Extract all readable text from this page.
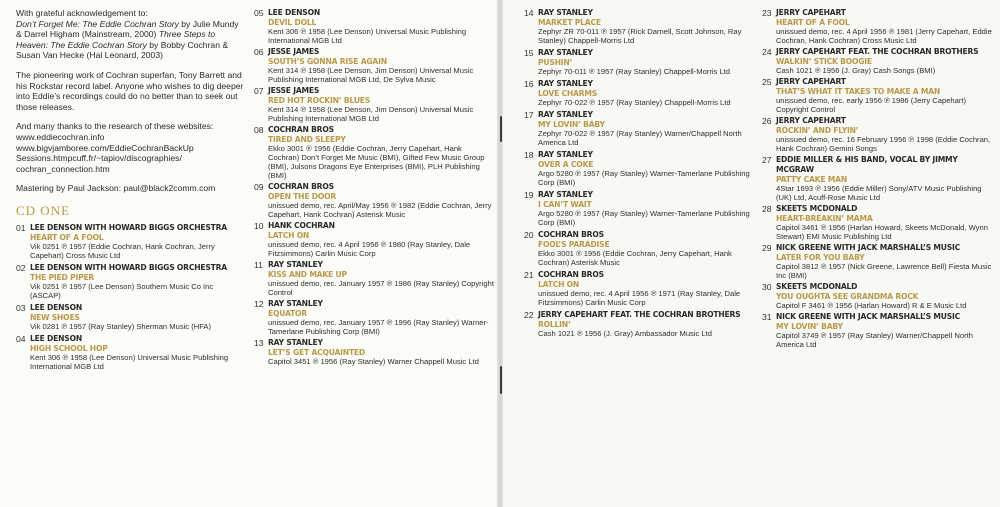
With grateful acknowledgement to:
Don’t Forget Me: The Eddie Cochran Story by Julie Mundy & Darrel Higham (Mainstream, 2000) Three Steps to Heaven: The Eddie Cochran Story by Bobby Cochran & Susan Van Hecke (Hal Leonard, 2003)

The pioneering work of Cochran superfan, Tony Barrett and his Rockstar record label. Anyone who wishes to dig deeper into Eddie’s recordings could do no better than to seek out those releases.

And many thanks to the research of these websites:

www.eddiecochran.info

www.bigvjamboree.com/EddieCochranBackUp

Sessions.htmpcuff.fr/~tapiov/discographies/

cochran_connection.htm

Mastering by Paul Jackson: paul@black2comm.com

CD ONE
01 LEE DENSON WITH HOWARD BIGGS ORCHESTRA
HEART OF A FOOL
Vik 0251 ℗ 1957 (Eddie Cochran, Hank Cochran, Jerry Capehart) Cross Music Ltd
02 LEE DENSON WITH HOWARD BIGGS ORCHESTRA
THE PIED PIPER
Vik 0251 ℗ 1957 (Lee Denson) Southern Music Co Inc (ASCAP)
03 LEE DENSON
NEW SHOES
Vik 0281 ℗ 1957 (Ray Stanley) Sherman Music (HFA)
04 LEE DENSON
HIGH SCHOOL HOP
Kent 306 ℗ 1958 (Lee Denson) Universal Music Publishing International MGB Ltd
05 LEE DENSON
DEVIL DOLL
Kent 306 ℗ 1958 (Lee Denson) Universal Music Publishing International MGB Ltd
06 JESSE JAMES
SOUTH’S GONNA RISE AGAIN
Kent 314 ℗ 1958 (Lee Denson, Jim Denson) Universal Music Publishing International MGB Ltd, De Sylva Music
07 JESSE JAMES
RED HOT ROCKIN’ BLUES
Kent 314 ℗ 1958 (Lee Denson, Jim Denson) Universal Music Publishing International MGB Ltd
08 COCHRAN BROS
TIRED AND SLEEPY
Ekko 3001 ℗ 1956 (Eddie Cochran, Jerry Capehart, Hank Cochran) Don’t Forget Me Music (BMI), Gifted Few Music Group (BMI), Julsons Dragons Eye Enterprises (BMI), PLH Publishing (BMI)
09 COCHRAN BROS
OPEN THE DOOR
unissued demo, rec. April/May 1956 ℗ 1982 (Eddie Cochran, Jerry Capehart, Hank Cochran) Asterisk Music
10 HANK COCHRAN
LATCH ON
unissued demo, rec. 4 April 1956 ℗ 1980 (Ray Stanley, Dale Fitzsimmons) Carlin Music Corp
11 RAY STANLEY
KISS AND MAKE UP
unissued demo, rec. January 1957 ℗ 1986 (Ray Stanley) Copyright Control
12 RAY STANLEY
EQUATOR
unissued demo, rec. January 1957 ℗ 1996 (Ray Stanley) Warner-Tamerlane Publishing Corp (BMI)
13 RAY STANLEY
LET’S GET ACQUAINTED
Capitol 3451 ℗ 1956 (Ray Stanley) Warner Chappell Music Ltd
14 RAY STANLEY
MARKET PLACE
Zephyr ZR 70-011 ℗ 1957 (Rick Darnell, Scott Johnson, Ray Stanley) Chappell-Morris Ltd
15 RAY STANLEY
PUSHIN’
Zephyr 70-011 ℗ 1957 (Ray Stanley) Chappell-Morris Ltd
16 RAY STANLEY
LOVE CHARMS
Zephyr 70-022 ℗ 1957 (Ray Stanley) Chappell-Morris Ltd
17 RAY STANLEY
MY LOVIN’ BABY
Zephyr 70-022 ℗ 1957 (Ray Stanley) Warner/Chappell North America Ltd
18 RAY STANLEY
OVER A COKE
Argo 5280 ℗ 1957 (Ray Stanley) Warner-Tamerlane Publishing Corp (BMI)
19 RAY STANLEY
I CAN’T WAIT
Argo 5280 ℗ 1957 (Ray Stanley) Warner-Tamerlane Publishing Corp (BMI)
20 COCHRAN BROS
FOOL’S PARADISE
Ekko 3001 ℗ 1956 (Eddie Cochran, Jerry Capehart, Hank Cochran) Asterisk Music
21 COCHRAN BROS
LATCH ON
unissued demo, rec. 4 April 1956 ℗ 1971 (Ray Stanley, Dale Fitzsimmons) Carlin Music Corp
22 JERRY CAPEHART FEAT. THE COCHRAN BROTHERS
ROLLIN’
Cash 1021 ℗ 1956 (J. Gray) Ambassador Music Ltd
23 JERRY CAPEHART
HEART OF A FOOL
unissued demo, rec. 4 April 1956 ℗ 1981 (Jerry Capehart, Eddie Cochran, Hank Cochran) Cross Music Ltd
24 JERRY CAPEHART FEAT. THE COCHRAN BROTHERS
WALKIN’ STICK BOOGIE
Cash 1021 ℗ 1956 (J. Gray) Cash Songs (BMI)
25 JERRY CAPEHART
THAT’S WHAT IT TAKES TO MAKE A MAN
unissued demo, rec. early 1956 ℗ 1986 (Jerry Capehart) Copyright Control
26 JERRY CAPEHART
ROCKIN’ AND FLYIN’
unissued demo, rec. 16 February 1956 ℗ 1998 (Eddie Cochran, Hank Cochran) Gemini Songs
27 EDDIE MILLER & HIS BAND, VOCAL BY JIMMY MCGRAW
PATTY CAKE MAN
4Star 1693 ℗ 1956 (Eddie Miller) Sony/ATV Music Publishing (UK) Ltd, Acuff-Rose Music Ltd
28 SKEETS MCDONALD
HEART-BREAKIN’ MAMA
Capitol 3461 ℗ 1956 (Harlan Howard, Skeets McDonald, Wynn Stewart) EMI Music Publishing Ltd
29 NICK GREENE WITH JACK MARSHALL’S MUSIC
LATER FOR YOU BABY
Capitol 3812 ℗ 1957 (Nick Greene, Lawrence Bell) Fiesta Music Inc (BMI)
30 SKEETS MCDONALD
YOU OUGHTA SEE GRANDMA ROCK
Capitol F 3461 ℗ 1956 (Harlan Howard) R & E Music Ltd
31 NICK GREENE WITH JACK MARSHALL’S MUSIC
MY LOVIN’ BABY
Capitol 3749 ℗ 1957 (Ray Stanley) Warner/Chappell North America Ltd
